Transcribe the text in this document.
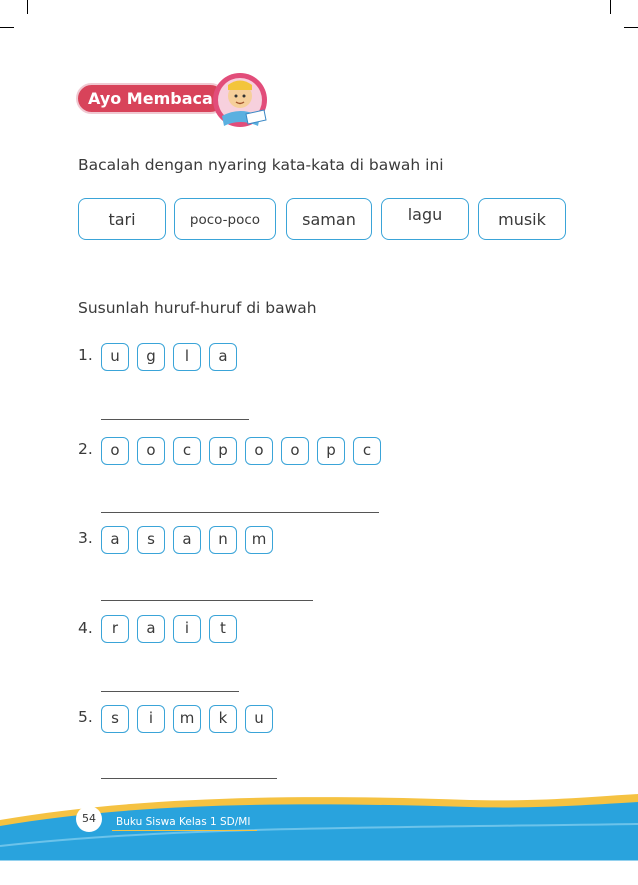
Ayo Membaca
Bacalah dengan nyaring kata-kata di bawah ini
tari	poco-poco	saman	lagu	musik
Susunlah huruf-huruf di bawah
1.	u	g	l	a
2.	o	o	c	p	o	o	p	c
3.	a	s	a	n	m
4.	r	a	i	t
5.	s	i	m	k	u
54	Buku Siswa Kelas 1 SD/MI
